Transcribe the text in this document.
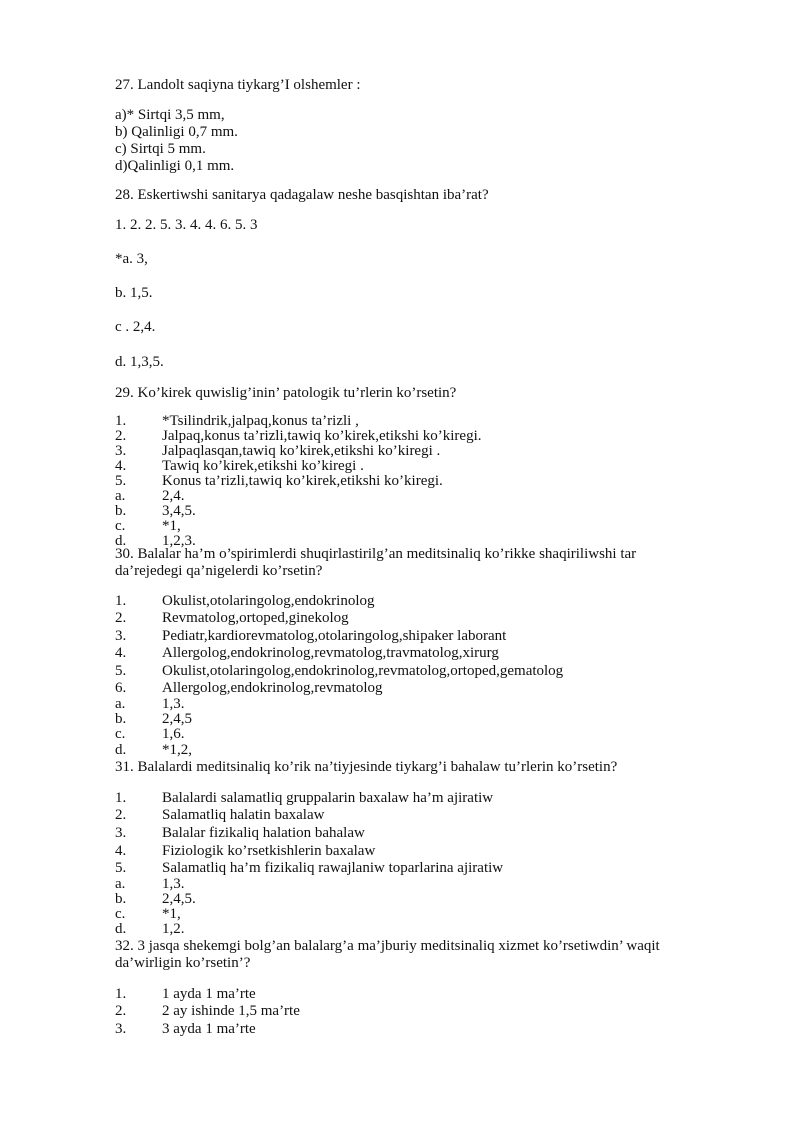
27. Landolt saqiyna tiykarg’I olshemler :
a)* Sirtqi 3,5 mm,
b) Qalinligi 0,7 mm.
c) Sirtqi 5 mm.
d)Qalinligi 0,1 mm.
28. Eskertiwshi sanitarya qadagalaw neshe basqishtan iba’rat?
1. 2. 2. 5. 3. 4. 4. 6. 5. 3
*a. 3,
b. 1,5.
c . 2,4.
d. 1,3,5.
29. Ko’kirek quwislig’inin’ patologik tu’rlerin ko’rsetin?
1. *Tsilindrik,jalpaq,konus ta’rizli ,
2. Jalpaq,konus ta’rizli,tawiq ko’kirek,etikshi ko’kiregi.
3. Jalpaqlasqan,tawiq ko’kirek,etikshi ko’kiregi .
4. Tawiq ko’kirek,etikshi ko’kiregi .
5. Konus ta’rizli,tawiq ko’kirek,etikshi ko’kiregi.
a. 2,4.
b. 3,4,5.
c. *1,
d. 1,2,3.
30. Balalar ha’m o’spirimlerdi shuqirlastirilg’an meditsinaliq ko’rikke shaqiriliwshi tar
da’rejedegi qa’nigelerdi ko’rsetin?
1. Okulist,otolaringolog,endokrinolog
2. Revmatolog,ortoped,ginekolog
3. Pediatr,kardiorevmatolog,otolaringolog,shipaker laborant
4. Allergolog,endokrinolog,revmatolog,travmatolog,xirurg
5. Okulist,otolaringolog,endokrinolog,revmatolog,ortoped,gematolog
6. Allergolog,endokrinolog,revmatolog
a. 1,3.
b. 2,4,5
c. 1,6.
d. *1,2,
31. Balalardi meditsinaliq ko’rik na’tiyjesinde tiykarg’i bahalaw tu’rlerin ko’rsetin?
1. Balalardi salamatliq gruppalarin baxalaw ha’m ajiratiw
2. Salamatliq halatin baxalaw
3. Balalar fizikaliq halation bahalaw
4. Fiziologik ko’rsetkishlerin baxalaw
5. Salamatliq ha’m fizikaliq rawajlaniw toparlarina ajiratiw
a. 1,3.
b. 2,4,5.
c. *1,
d. 1,2.
32. 3 jasqa shekemgi bolg’an balalarg’a ma’jburiy meditsinaliq xizmet ko’rsetiwdin’ waqit
da’wirligin ko’rsetin’?
1. 1 ayda 1 ma’rte
2. 2 ay ishinde 1,5 ma’rte
3. 3 ayda 1 ma’rte
